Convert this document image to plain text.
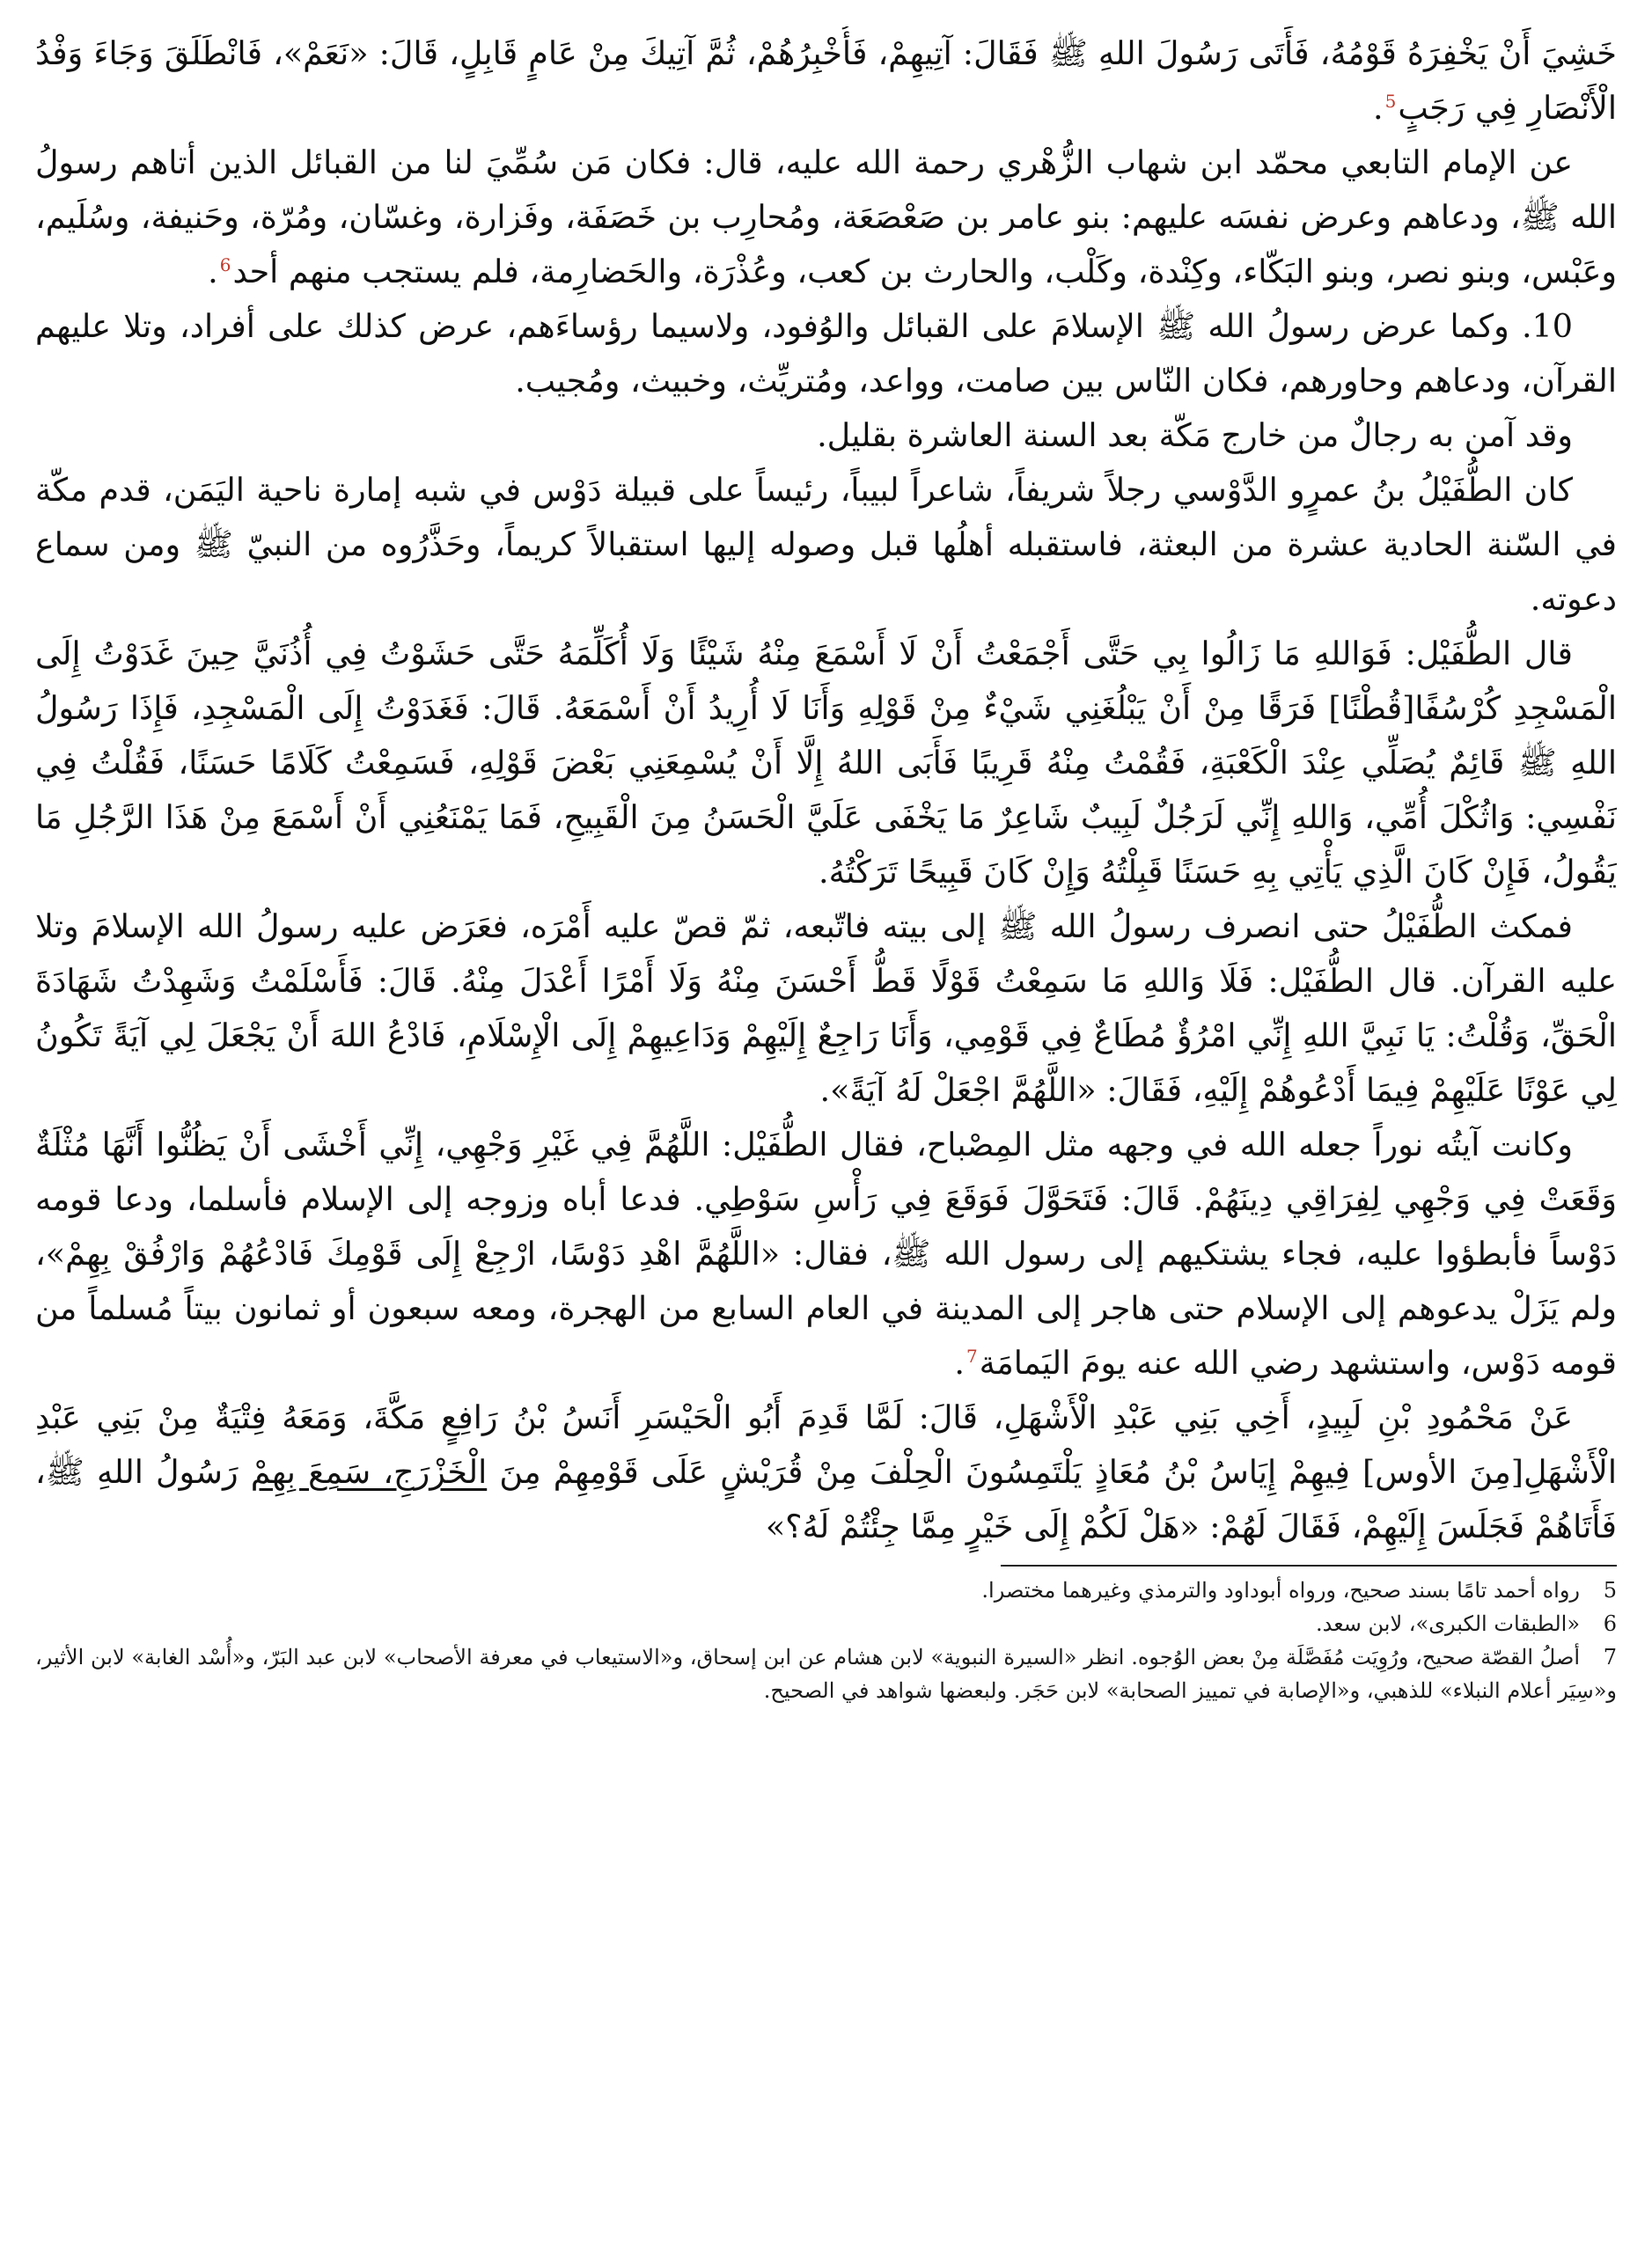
خَشِيَ أَنْ يَخْفِرَهُ قَوْمُهُ، فَأَتَى رَسُولَ اللهِ ﷺ فَقَالَ: آتِيهِمْ، فَأُخْبِرُهُمْ، ثُمَّ آتِيكَ مِنْ عَامٍ قَابِلٍ، قَالَ: «نَعَمْ»، فَانْطَلَقَ وَجَاءَ وَفْدُ الْأَنْصَارِ فِي رَجَبٍ$^5$.

عن الإمام التابعي محمّد ابن شهاب الزُّهْري رحمة الله عليه، قال: فكان مَن سُمِّيَ لنا من القبائل الذين أتاهم رسولُ الله ﷺ، ودعاهم وعرض نفسَه عليهم: بنو عامر بن صَعْصَعَة، ومُحارِب بن خَصَفَة، وفَزارة، وغسّان، ومُرّة، وحَنيفة، وسُلَيم، وعَبْس، وبنو نصر، وبنو البَكّاء، وكِنْدة، وكَلْب، والحارث بن كعب، وعُذْرَة، والحَضارِمة، فلم يستجب منهم أحد$^6$.

10. وكما عرض رسولُ الله ﷺ الإسلامَ على القبائل والوُفود، ولاسيما رؤساءَهم، عرض كذلك على أفراد، وتلا عليهم القرآن، ودعاهم وحاورهم، فكان النّاس بين صامت، وواعد، ومُتريِّث، وخبيث، ومُجيب.

وقد آمن به رجالٌ من خارج مَكّة بعد السنة العاشرة بقليل.

كان الطُّفَيْلُ بنُ عمرٍو الدَّوْسي رجلاً شريفاً، شاعراً لبيباً، رئيساً على قبيلة دَوْس في شبه إمارة ناحية اليَمَن، قدم مكّة في السّنة الحادية عشرة من البعثة، فاستقبله أهلُها قبل وصوله إليها استقبالاً كريماً، وحَذَّرُوه من النبيّ ﷺ ومن سماع دعوته.

قال الطُّفَيْل: فَوَاللهِ مَا زَالُوا بِي حَتَّى أَجْمَعْتُ أَنْ لَا أَسْمَعَ مِنْهُ شَيْئًا وَلَا أُكَلِّمَهُ حَتَّى حَشَوْتُ فِي أُذُنَيَّ حِينَ غَدَوْتُ إِلَى الْمَسْجِدِ كُرْسُفًا[قُطْنًا] فَرَقًا مِنْ أَنْ يَبْلُغَنِي شَيْءٌ مِنْ قَوْلِهِ وَأَنَا لَا أُرِيدُ أَنْ أَسْمَعَهُ. قَالَ: فَغَدَوْتُ إِلَى الْمَسْجِدِ، فَإِذَا رَسُولُ اللهِ ﷺ قَائِمٌ يُصَلِّي عِنْدَ الْكَعْبَةِ، فَقُمْتُ مِنْهُ قَرِيبًا فَأَبَى اللهُ إِلَّا أَنْ يُسْمِعَنِي بَعْضَ قَوْلِهِ، فَسَمِعْتُ كَلَامًا حَسَنًا، فَقُلْتُ فِي نَفْسِي: وَاثُكْلَ أُمِّي، وَاللهِ إِنِّي لَرَجُلٌ لَبِيبٌ شَاعِرٌ مَا يَخْفَى عَلَيَّ الْحَسَنُ مِنَ الْقَبِيحِ، فَمَا يَمْنَعُنِي أَنْ أَسْمَعَ مِنْ هَذَا الرَّجُلِ مَا يَقُولُ، فَإِنْ كَانَ الَّذِي يَأْتِي بِهِ حَسَنًا قَبِلْتُهُ وَإِنْ كَانَ قَبِيحًا تَرَكْتُهُ.

فمكث الطُّفَيْلُ حتى انصرف رسولُ الله ﷺ إلى بيته فاتّبعه، ثمّ قصّ عليه أَمْرَه، فعَرَض عليه رسولُ الله الإسلامَ وتلا عليه القرآن. قال الطُّفَيْل: فَلَا وَاللهِ مَا سَمِعْتُ قَوْلًا قَطُّ أَحْسَنَ مِنْهُ وَلَا أَمْرًا أَعْدَلَ مِنْهُ. قَالَ: فَأَسْلَمْتُ وَشَهِدْتُ شَهَادَةَ الْحَقِّ، وَقُلْتُ: يَا نَبِيَّ اللهِ إِنِّي امْرُؤٌ مُطَاعٌ فِي قَوْمِي، وَأَنَا رَاجِعٌ إِلَيْهِمْ وَدَاعِيهِمْ إِلَى الْإِسْلَامِ، فَادْعُ اللهَ أَنْ يَجْعَلَ لِي آيَةً تَكُونُ لِي عَوْنًا عَلَيْهِمْ فِيمَا أَدْعُوهُمْ إِلَيْهِ، فَقَالَ: «اللَّهُمَّ اجْعَلْ لَهُ آيَةً».

وكانت آيتُه نوراً جعله الله في وجهه مثل المِصْباح، فقال الطُّفَيْل: اللَّهُمَّ فِي غَيْرِ وَجْهِي، إِنِّي أَخْشَى أَنْ يَظُنُّوا أَنَّهَا مُثْلَةٌ وَقَعَتْ فِي وَجْهِي لِفِرَاقِي دِينَهُمْ. قَالَ: فَتَحَوَّلَ فَوَقَعَ فِي رَأْسِ سَوْطِي. فدعا أباه وزوجه إلى الإسلام فأسلما، ودعا قومه دَوْساً فأبطؤوا عليه، فجاء يشتكيهم إلى رسول الله ﷺ، فقال: «اللَّهُمَّ اهْدِ دَوْسًا، ارْجِعْ إِلَى قَوْمِكَ فَادْعُهُمْ وَارْفُقْ بِهِمْ»، ولم يَزَلْ يدعوهم إلى الإسلام حتى هاجر إلى المدينة في العام السابع من الهجرة، ومعه سبعون أو ثمانون بيتاً مُسلماً من قومه دَوْس، واستشهد رضي الله عنه يومَ اليَمامَة$^7$.

عَنْ مَحْمُودِ بْنِ لَبِيدٍ، أَخِي بَنِي عَبْدِ الْأَشْهَلِ، قَالَ: لَمَّا قَدِمَ أَبُو الْحَيْسَرِ أَنَسُ بْنُ رَافِعٍ مَكَّةَ، وَمَعَهُ فِتْيَةٌ مِنْ بَنِي عَبْدِ الْأَشْهَلِ[مِنَ الأوس] فِيهِمْ إِيَاسُ بْنُ مُعَاذٍ يَلْتَمِسُونَ الْحِلْفَ مِنْ قُرَيْشٍ عَلَى قَوْمِهِمْ مِنَ الْخَزْرَجِ، سَمِعَ بِهِمْ رَسُولُ اللهِ ﷺ، فَأَتَاهُمْ فَجَلَسَ إِلَيْهِمْ، فَقَالَ لَهُمْ: «هَلْ لَكُمْ إِلَى خَيْرٍ مِمَّا جِئْتُمْ لَهُ؟»

5رواه أحمد تامًا بسند صحيح، ورواه أبوداود والترمذي وغيرهما مختصرا.

6«الطبقات الكبرى»، لابن سعد.

7أصلُ القصّة صحيح، ورُوِيَت مُفَصَّلَة مِنْ بعض الوُجوه. انظر «السيرة النبوية» لابن هشام عن ابن إسحاق، و«الاستيعاب في معرفة الأصحاب» لابن عبد البَرّ، و«أُسْد الغابة» لابن الأثير، و«سِيَر أعلام النبلاء» للذهبي، و«الإصابة في تمييز الصحابة» لابن حَجَر. ولبعضها شواهد في الصحيح.
